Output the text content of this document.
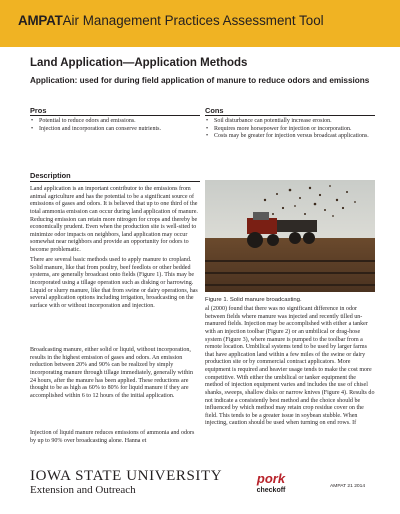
AMPATAir Management Practices Assessment Tool
Land Application—Application Methods
Application: used for during field application of manure to reduce odors and emissions
Pros
• Potential to reduce odors and emissions.
• Injection and incorporation can conserve nutrients.
Cons
• Soil disturbance can potentially increase erosion.
• Requires more horsepower for injection or incorporation.
• Costs may be greater for injection versus broadcast applications.
Description
Land application is an important contributor to the emissions from animal agriculture and has the potential to be a significant source of emissions of gases and odors. It is believed that up to one third of the total ammonia emission can occur during land application of manure. Reducing emission can retain more nitrogen for crops and thereby be economically prudent. Even when the production site is well-sited to minimize odor impacts on neighbors, land application may occur somewhat near neighbors and provide an opportunity for odors to become problematic.
There are several basic methods used to apply manure to cropland. Solid manure, like that from poultry, beef feedlots or other bedded systems, are generally broadcast onto fields (Figure 1). This may be incorporated using a tillage operation such as disking or harrowing. Liquid or slurry manure, like that from swine or dairy operations, has several application options including irrigation, broadcasting on the surface with or without incorporation and injection.
Broadcasting manure, either solid or liquid, without incorporation, results in the highest emission of gases and odors. An emission reduction between 20% and 90% can be realized by simply incorporating manure through tillage immediately, generally within 24 hours, after the manure has been applied. These reductions are thought to be as high as 60% to 80% for liquid manure if they are accomplished within 6 to 12 hours of the initial application.
Injection of liquid manure reduces emissions of ammonia and odors by up to 90% over broadcasting alone. Hanna et
Figure 1. Solid manure broadcasting.
al (2000) found that there was no significant difference in odor between fields where manure was injected and recently tilled un-manured fields. Injection may be accomplished with either a tanker with an injection toolbar (Figure 2) or an umbilical or drag-hose system (Figure 3), where manure is pumped to the toolbar from a remote location. Umbilical systems tend to be used by larger farms that have application land within a few miles of the swine or dairy production site or by commercial contract applicators. More equipment is required and heavier usage tends to make the cost more competitive. With either the umbilical or tanker equipment the method of injection equipment varies and includes the use of chisel shanks, sweeps, shallow disks or narrow knives (Figure 4). Results do not indicate a consistently best method and the choice should be influenced by which method may retain crop residue cover on the field. This tends to be a greater issue in soybean stubble. When injecting, caution should be used when turning on end rows. If
IOWA STATE UNIVERSITY
Extension and Outreach
pork
checkoff
AMPAT 21 2014
